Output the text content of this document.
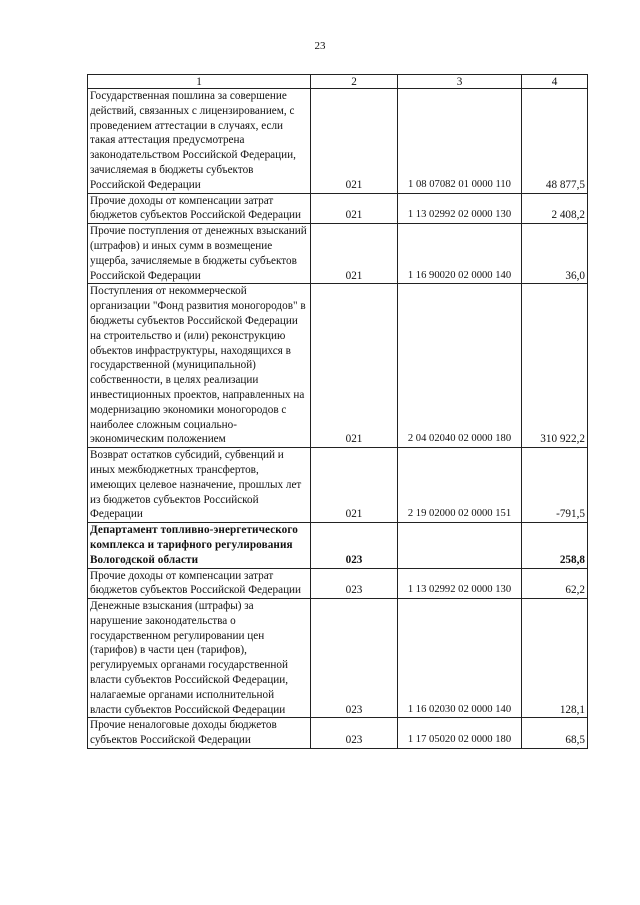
23
1	2	3	4
Государственная пошлина за совершение действий, связанных с лицензированием, с проведением аттестации в случаях, если такая аттестация предусмотрена законодательством Российской Федерации, зачисляемая в бюджеты субъектов Российской Федерации	021	1 08 07082 01 0000 110	48 877,5
Прочие доходы от компенсации затрат бюджетов субъектов Российской Федерации	021	1 13 02992 02 0000 130	2 408,2
Прочие поступления от денежных взысканий (штрафов) и иных сумм в возмещение ущерба, зачисляемые в бюджеты субъектов Российской Федерации	021	1 16 90020 02 0000 140	36,0
Поступления от некоммерческой организации "Фонд развития моногородов" в бюджеты субъектов Российской Федерации на строительство и (или) реконструкцию объектов инфраструктуры, находящихся в государственной (муниципальной) собственности, в целях реализации инвестиционных проектов, направленных на модернизацию экономики моногородов с наиболее сложным социально-экономическим положением	021	2 04 02040 02 0000 180	310 922,2
Возврат остатков субсидий, субвенций и иных межбюджетных трансфертов, имеющих целевое назначение, прошлых лет из бюджетов субъектов Российской Федерации	021	2 19 02000 02 0000 151	-791,5
Департамент топливно-энергетического комплекса и тарифного регулирования Вологодской области	023		258,8
Прочие доходы от компенсации затрат бюджетов субъектов Российской Федерации	023	1 13 02992 02 0000 130	62,2
Денежные взыскания (штрафы) за нарушение законодательства о государственном регулировании цен (тарифов) в части цен (тарифов), регулируемых органами государственной власти субъектов Российской Федерации, налагаемые органами исполнительной власти субъектов Российской Федерации	023	1 16 02030 02 0000 140	128,1
Прочие неналоговые доходы бюджетов субъектов Российской Федерации	023	1 17 05020 02 0000 180	68,5
